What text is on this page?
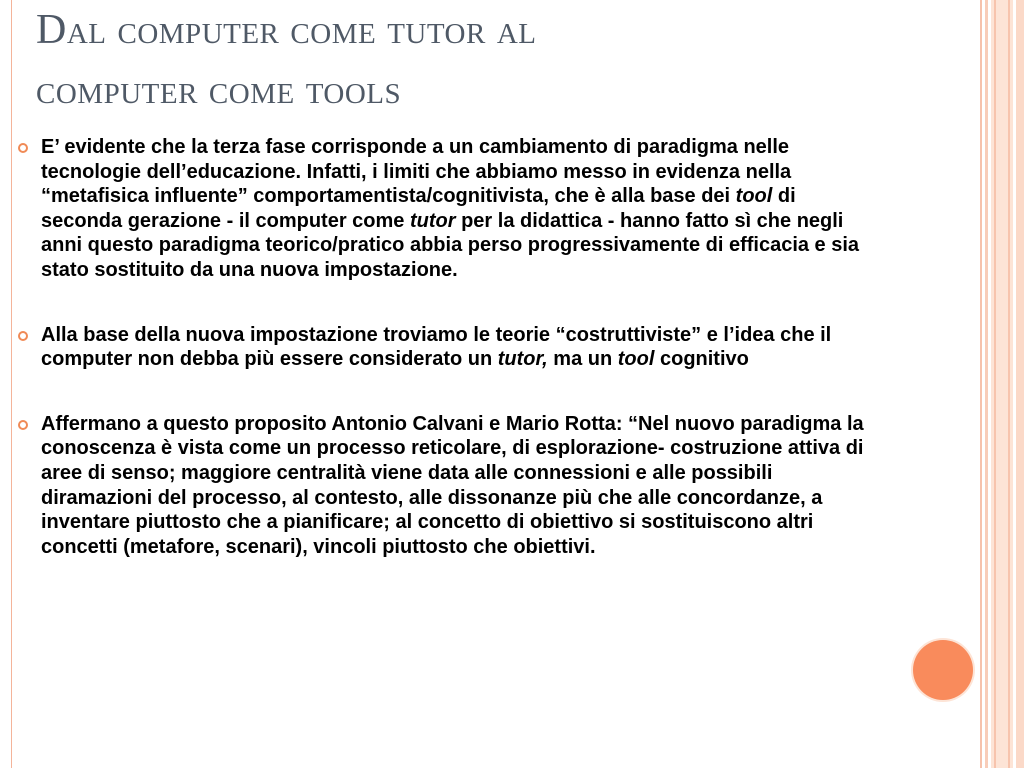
Dal computer come tutor al
computer come tools
E’ evidente che la terza fase corrisponde a un cambiamento di paradigma nelle tecnologie dell’educazione. Infatti, i limiti che abbiamo messo in evidenza nella “metafisica influente” comportamentista/cognitivista, che è alla base dei tool di seconda gerazione - il computer come tutor per la didattica - hanno fatto sì che negli anni questo paradigma teorico/pratico abbia perso progressivamente di efficacia e sia stato sostituito da una nuova impostazione.
Alla base della nuova impostazione troviamo le teorie “costruttiviste” e l’idea che il computer non debba più essere considerato un tutor, ma un tool cognitivo
Affermano a questo proposito Antonio Calvani e Mario Rotta: “Nel nuovo paradigma la conoscenza è vista come un processo reticolare, di esplorazione- costruzione attiva di aree di senso; maggiore centralità viene data alle connessioni e alle possibili diramazioni del processo, al contesto, alle dissonanze più che alle concordanze, a inventare piuttosto che a pianificare; al concetto di obiettivo si sostituiscono altri concetti (metafore, scenari), vincoli piuttosto che obiettivi.
